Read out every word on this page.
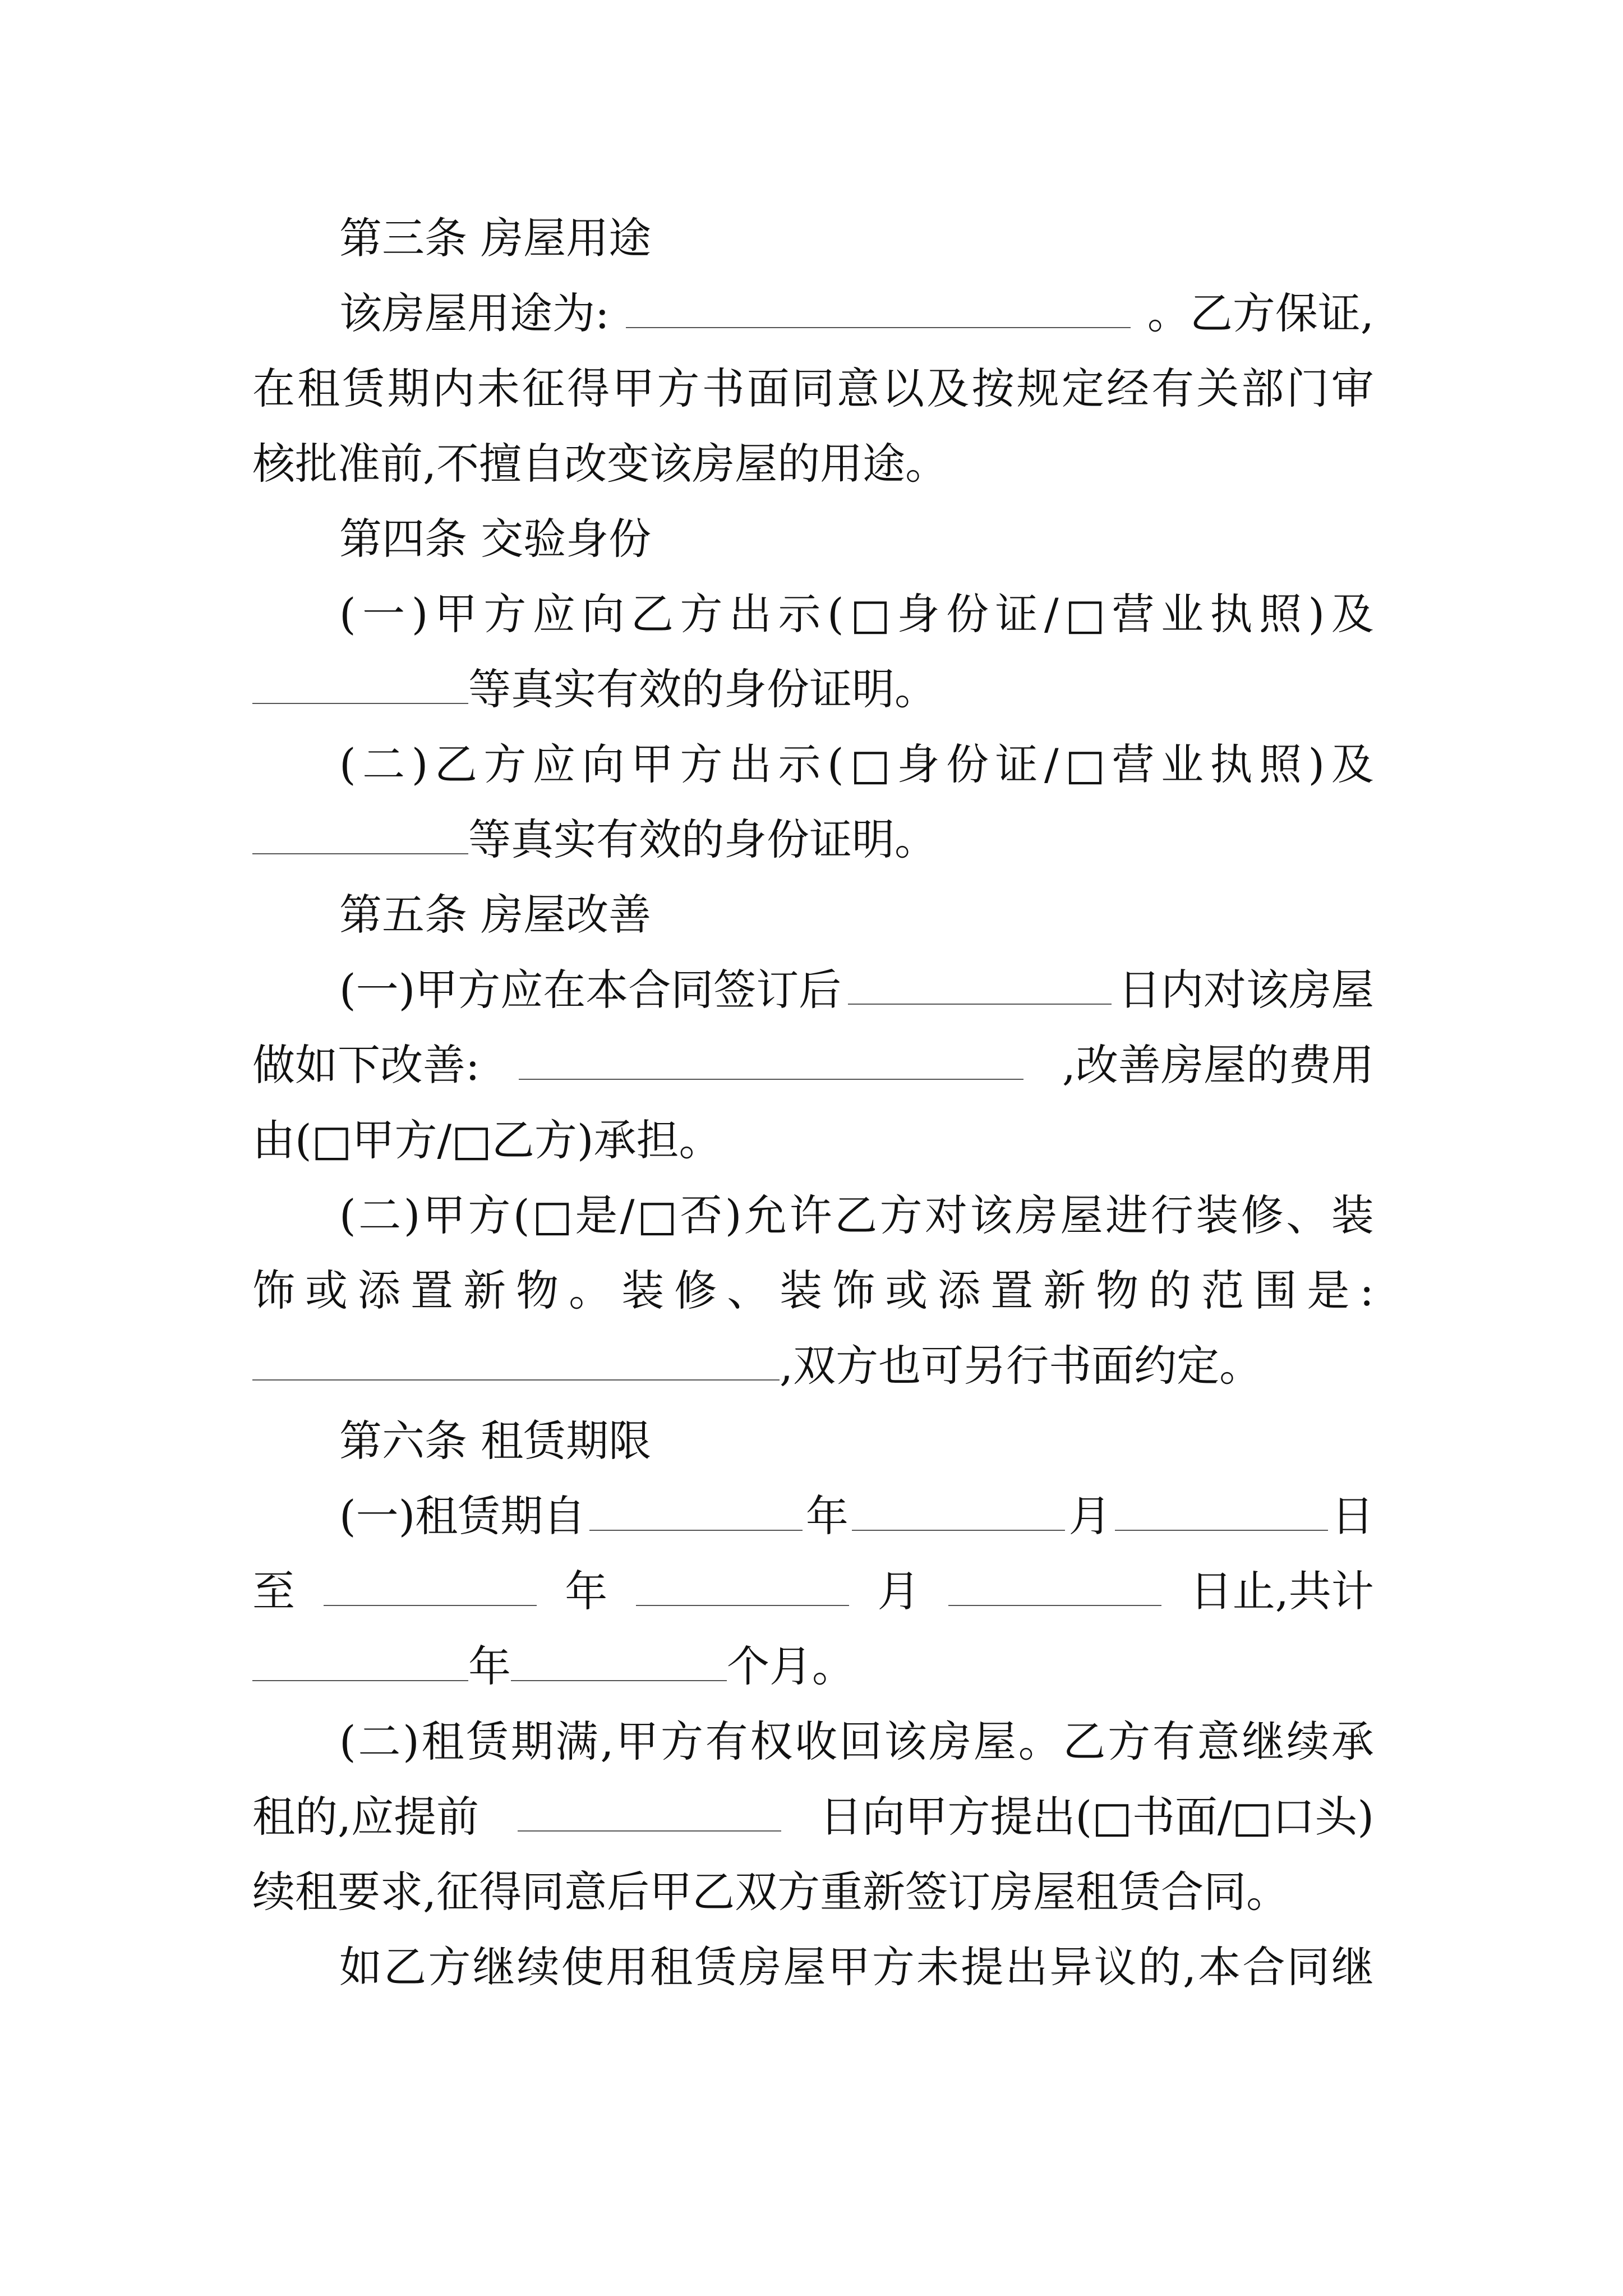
第三条 房屋用途
该房屋用途为:	。乙方保证,
在 租 赁 期 内 未 征 得 甲 方 书 面 同 意 以 及 按 规 定 经 有 关 部 门 审
核批准前,不擅自改变该房屋的用途。
第四条 交验身份
( 一 ) 甲 方 应 向 乙 方 出 示 ( □ 身 份 证 / □ 营 业 执 照 ) 及
等真实有效的身份证明。
( 二 ) 乙 方 应 向 甲 方 出 示 ( □ 身 份 证 / □ 营 业 执 照 ) 及
等真实有效的身份证明。
第五条 房屋改善
(一)甲方应在本合同签订后	日内对该房屋
做如下改善:	,改善房屋的费用
由(□甲方/□乙方)承担。
( 二 ) 甲 方 ( □ 是 / □ 否 ) 允 许 乙 方 对 该 房 屋 进 行 装 修 、 装
饰 或 添 置 新 物 。 装 修 、 装 饰 或 添 置 新 物 的 范 围 是 :
,双方也可另行书面约定。
第六条 租赁期限
(一)租赁期自	年	月	日
至	年	月	日止,共计
年	个月。
( 二 ) 租 赁 期 满 , 甲 方 有 权 收 回 该 房 屋 。 乙 方 有 意 继 续 承
租的,应提前	日向甲方提出(□书面/□口头)
续租要求,征得同意后甲乙双方重新签订房屋租赁合同。
如 乙 方 继 续 使 用 租 赁 房 屋 甲 方 未 提 出 异 议 的 , 本 合 同 继
